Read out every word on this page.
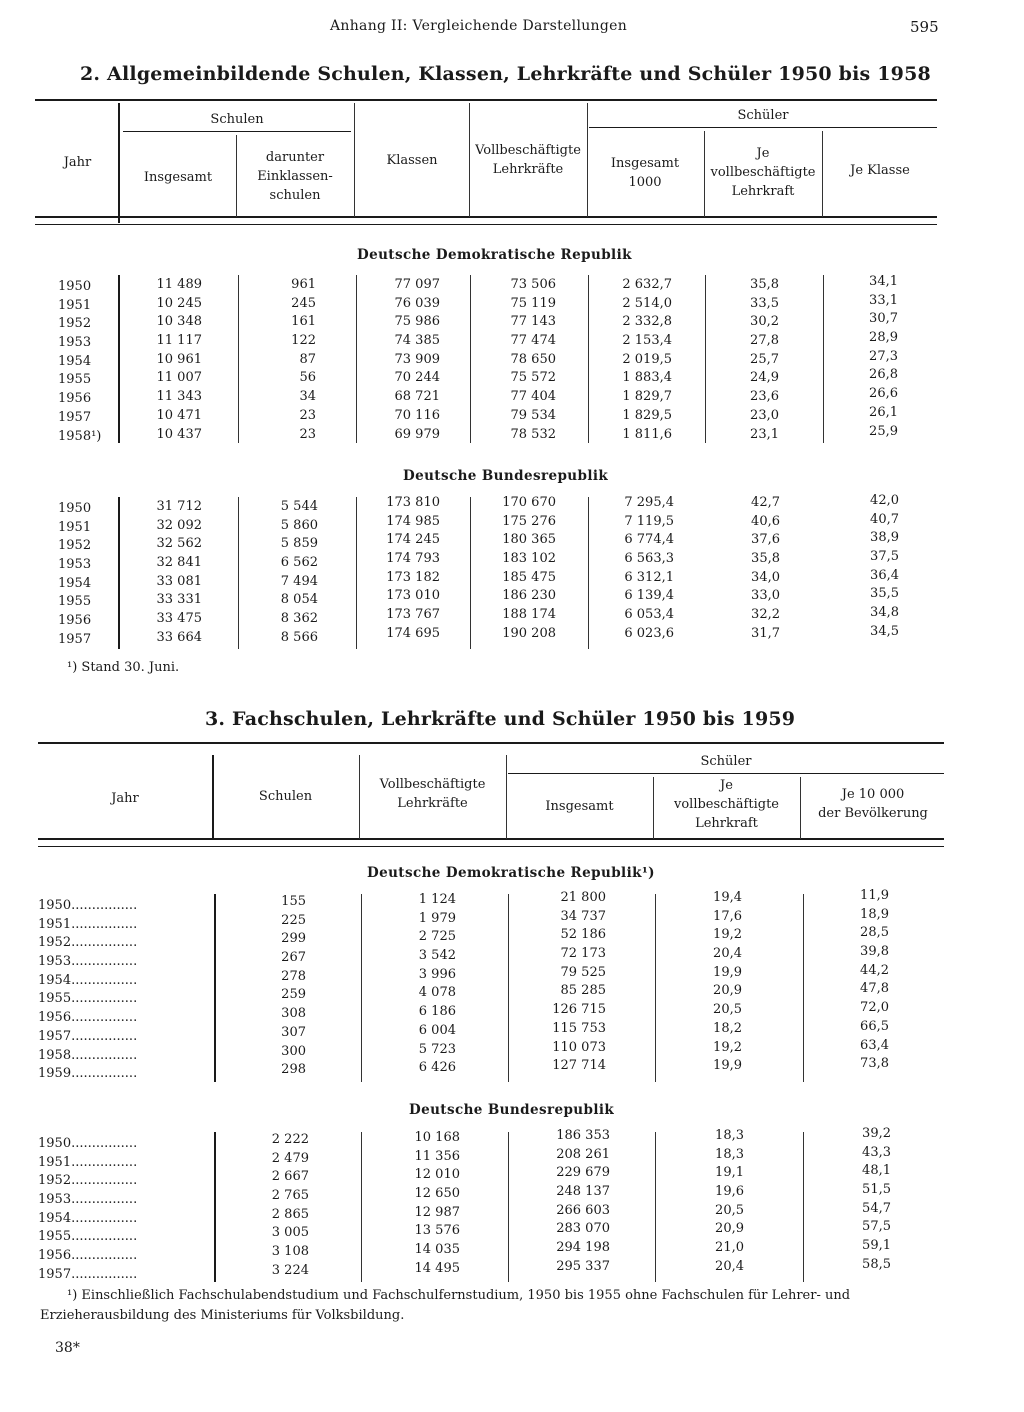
Anhang II: Vergleichende Darstellungen	595
2. Allgemeinbildende Schulen, Klassen, Lehrkräfte und Schüler 1950 bis 1958
Jahr
Schulen
Insgesamt
darunter
Einklassen-
schulen
Klassen
Vollbeschäftigte
Lehrkräfte
Schüler
Insgesamt
1000
Je
vollbeschäftigte
Lehrkraft
Je Klasse
Deutsche Demokratische Republik
1950
1951
1952
1953
1954
1955
1956
1957
1958¹)
11 489
10 245
10 348
11 117
10 961
11 007
11 343
10 471
10 437
961
245
161
122
87
56
34
23
23
77 097
76 039
75 986
74 385
73 909
70 244
68 721
70 116
69 979
73 506
75 119
77 143
77 474
78 650
75 572
77 404
79 534
78 532
2 632,7
2 514,0
2 332,8
2 153,4
2 019,5
1 883,4
1 829,7
1 829,5
1 811,6
35,8
33,5
30,2
27,8
25,7
24,9
23,6
23,0
23,1
34,1
33,1
30,7
28,9
27,3
26,8
26,6
26,1
25,9
Deutsche Bundesrepublik
1950
1951
1952
1953
1954
1955
1956
1957
31 712
32 092
32 562
32 841
33 081
33 331
33 475
33 664
5 544
5 860
5 859
6 562
7 494
8 054
8 362
8 566
173 810
174 985
174 245
174 793
173 182
173 010
173 767
174 695
170 670
175 276
180 365
183 102
185 475
186 230
188 174
190 208
7 295,4
7 119,5
6 774,4
6 563,3
6 312,1
6 139,4
6 053,4
6 023,6
42,7
40,6
37,6
35,8
34,0
33,0
32,2
31,7
42,0
40,7
38,9
37,5
36,4
35,5
34,8
34,5
¹) Stand 30. Juni.
3. Fachschulen, Lehrkräfte und Schüler 1950 bis 1959
Jahr	Schulen
Vollbeschäftigte
Lehrkräfte
Schüler
Insgesamt
Je
vollbeschäftigte
Lehrkraft
Je 10 000
der Bevölkerung
Deutsche Demokratische Republik¹)
1950................
1951................
1952................
1953................
1954................
1955................
1956................
1957................
1958................
1959................
155
225
299
267
278
259
308
307
300
298
1 124
1 979
2 725
3 542
3 996
4 078
6 186
6 004
5 723
6 426
21 800
34 737
52 186
72 173
79 525
85 285
126 715
115 753
110 073
127 714
19,4
17,6
19,2
20,4
19,9
20,9
20,5
18,2
19,2
19,9
11,9
18,9
28,5
39,8
44,2
47,8
72,0
66,5
63,4
73,8
Deutsche Bundesrepublik
1950................
1951................
1952................
1953................
1954................
1955................
1956................
1957................
2 222
2 479
2 667
2 765
2 865
3 005
3 108
3 224
10 168
11 356
12 010
12 650
12 987
13 576
14 035
14 495
186 353
208 261
229 679
248 137
266 603
283 070
294 198
295 337
18,3
18,3
19,1
19,6
20,5
20,9
21,0
20,4
39,2
43,3
48,1
51,5
54,7
57,5
59,1
58,5
¹) Einschließlich Fachschulabendstudium und Fachschulfernstudium, 1950 bis 1955 ohne Fachschulen für Lehrer- und Erzieherausbildung des Ministeriums für Volksbildung.
38*
